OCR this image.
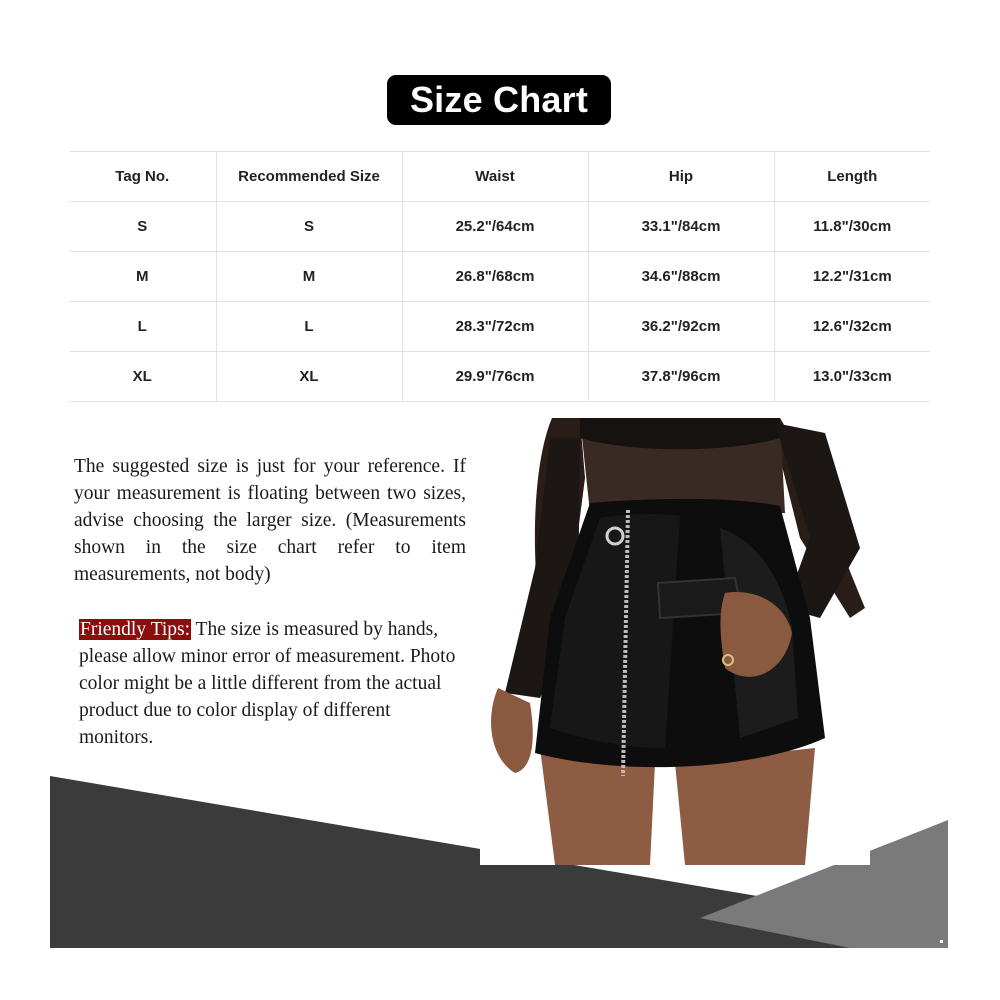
Size Chart
Tag No.	Recommended Size	Waist	Hip	Length
S	S	25.2"/64cm	33.1"/84cm	11.8"/30cm
M	M	26.8"/68cm	34.6"/88cm	12.2"/31cm
L	L	28.3"/72cm	36.2"/92cm	12.6"/32cm
XL	XL	29.9"/76cm	37.8"/96cm	13.0"/33cm

The suggested size is just for your reference. If your measurement is floating between two sizes, advise choosing the larger size. (Measurements shown in the size chart refer to item measurements, not body)

Friendly Tips: The size is measured by hands, please allow minor error of measurement. Photo color might be a little different from the actual product due to color display of different monitors.
